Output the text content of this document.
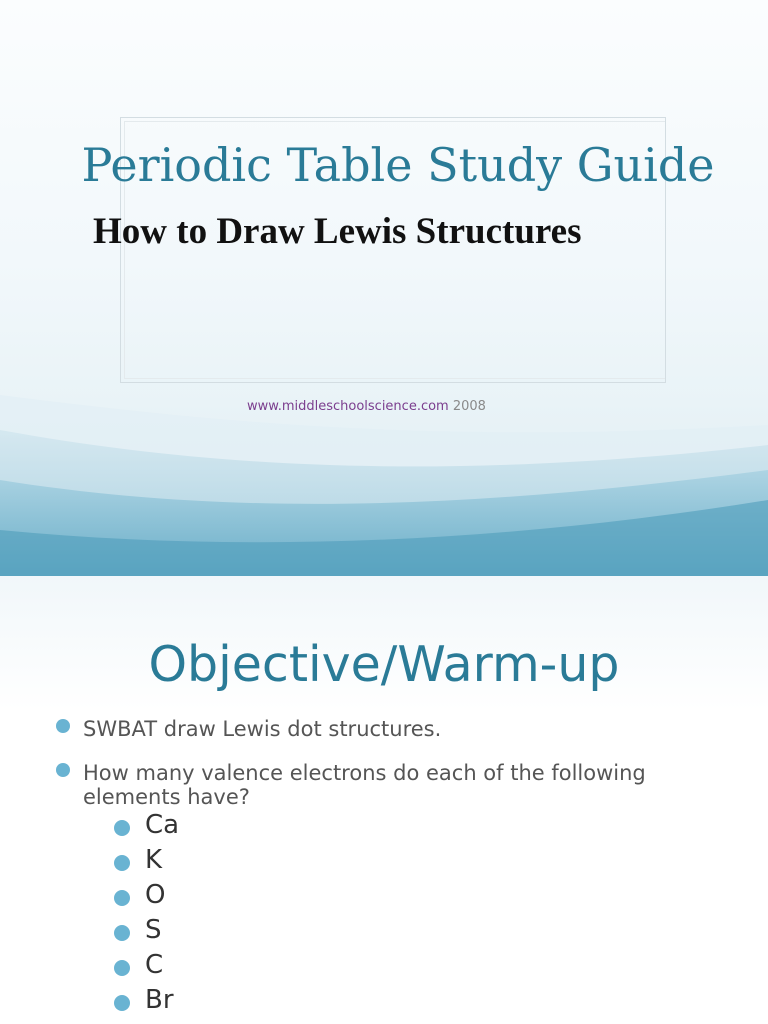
Periodic Table Study Guide
How to Draw Lewis Structures
www.middleschoolscience.com 2008
Objective/Warm-up
SWBAT draw Lewis dot structures.
How many valence electrons do each of the following elements have?
Ca
K
O
S
C
Br
